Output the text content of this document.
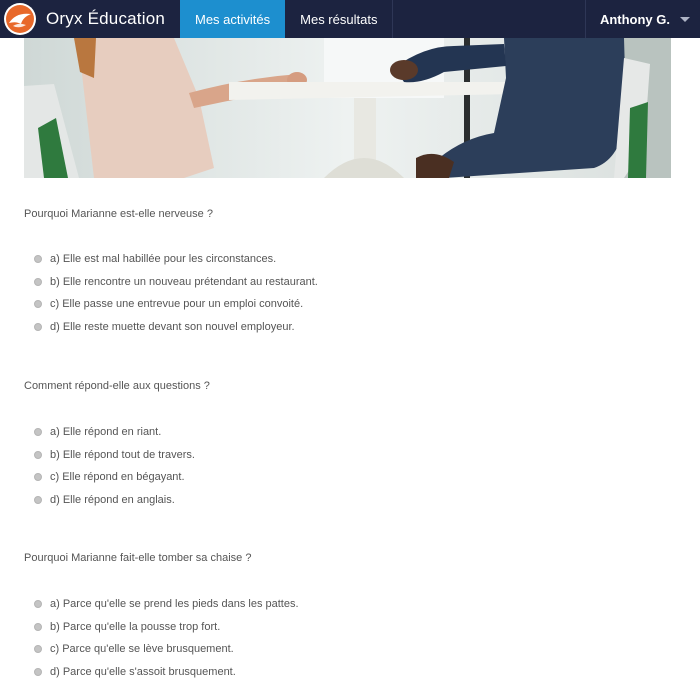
Oryx Éducation	Mes activités	Mes résultats	Anthony G.
Pourquoi Marianne est-elle nerveuse ?
a) Elle est mal habillée pour les circonstances.
b) Elle rencontre un nouveau prétendant au restaurant.
c) Elle passe une entrevue pour un emploi convoité.
d) Elle reste muette devant son nouvel employeur.
Comment répond-elle aux questions ?
a) Elle répond en riant.
b) Elle répond tout de travers.
c) Elle répond en bégayant.
d) Elle répond en anglais.
Pourquoi Marianne fait-elle tomber sa chaise ?
a) Parce qu'elle se prend les pieds dans les pattes.
b) Parce qu'elle la pousse trop fort.
c) Parce qu'elle se lève brusquement.
d) Parce qu'elle s'assoit brusquement.
